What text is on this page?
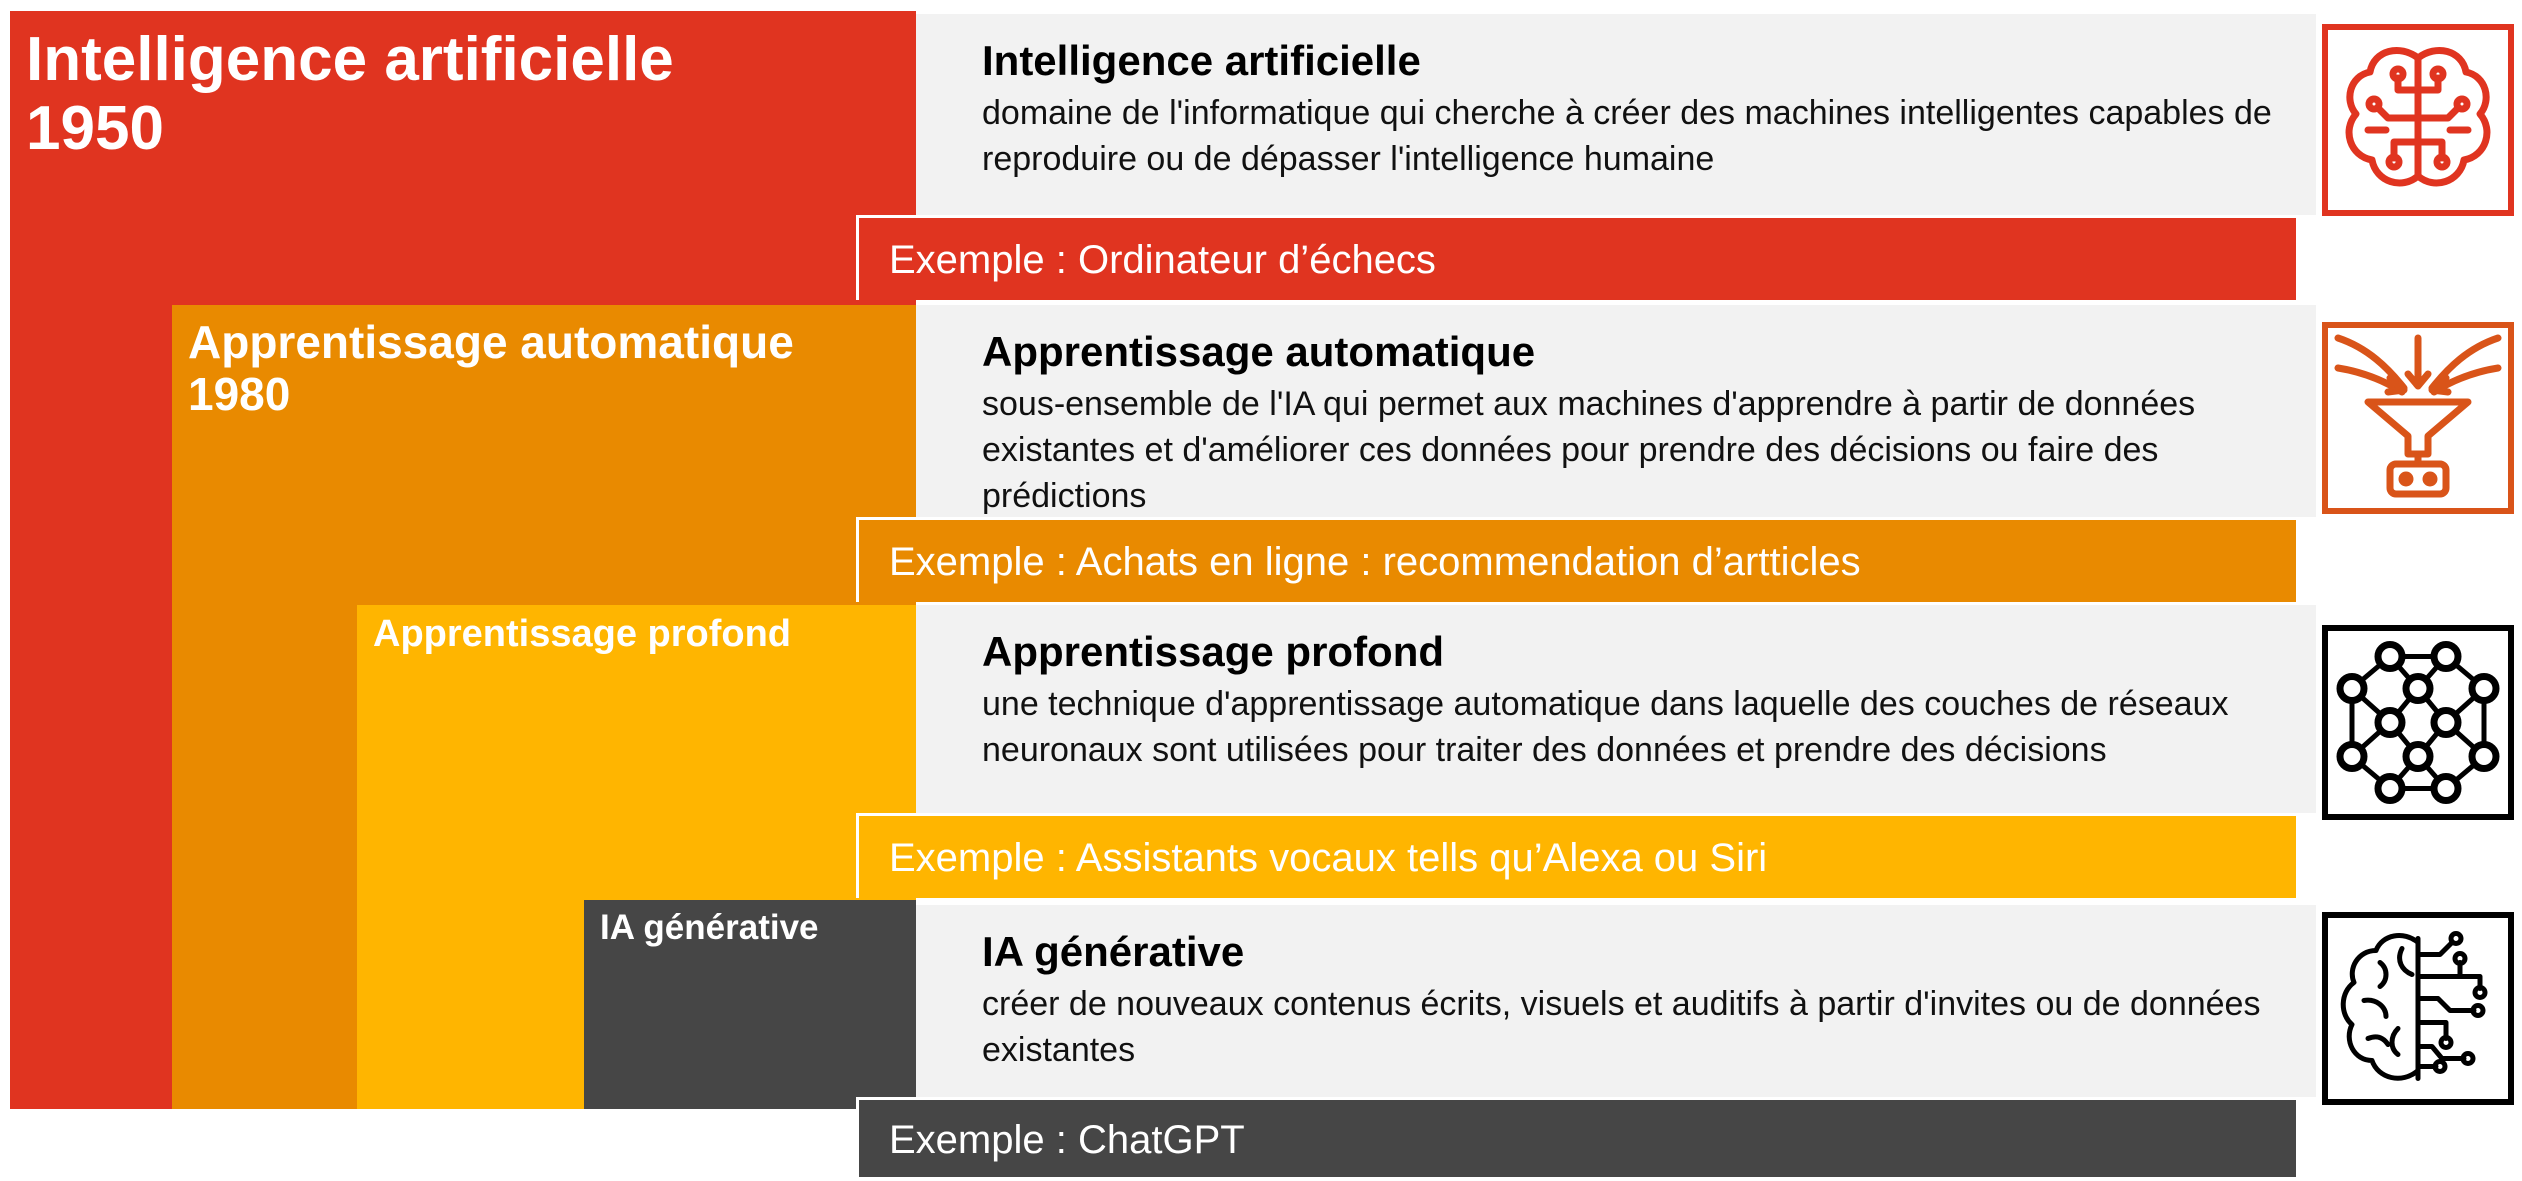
Intelligence artificielle
1950

Apprentissage automatique
1980

Apprentissage profond

IA générative

Intelligence artificielle

domaine de l'informatique qui cherche à créer des machines intelligentes capables de reproduire ou de dépasser l'intelligence humaine

Apprentissage automatique

sous-ensemble de l'IA qui permet aux machines d'apprendre à partir de données existantes et d'améliorer ces données pour prendre des décisions ou faire des prédictions

Apprentissage profond

une technique d'apprentissage automatique dans laquelle des couches de réseaux neuronaux sont utilisées pour traiter des données et prendre des décisions

IA générative

créer de nouveaux contenus écrits, visuels et auditifs à partir d'invites ou de données existantes

Exemple : Ordinateur d’échecs
Exemple : Achats en ligne : recommendation d’artticles
Exemple : Assistants vocaux tells qu’Alexa ou Siri
Exemple : ChatGPT
